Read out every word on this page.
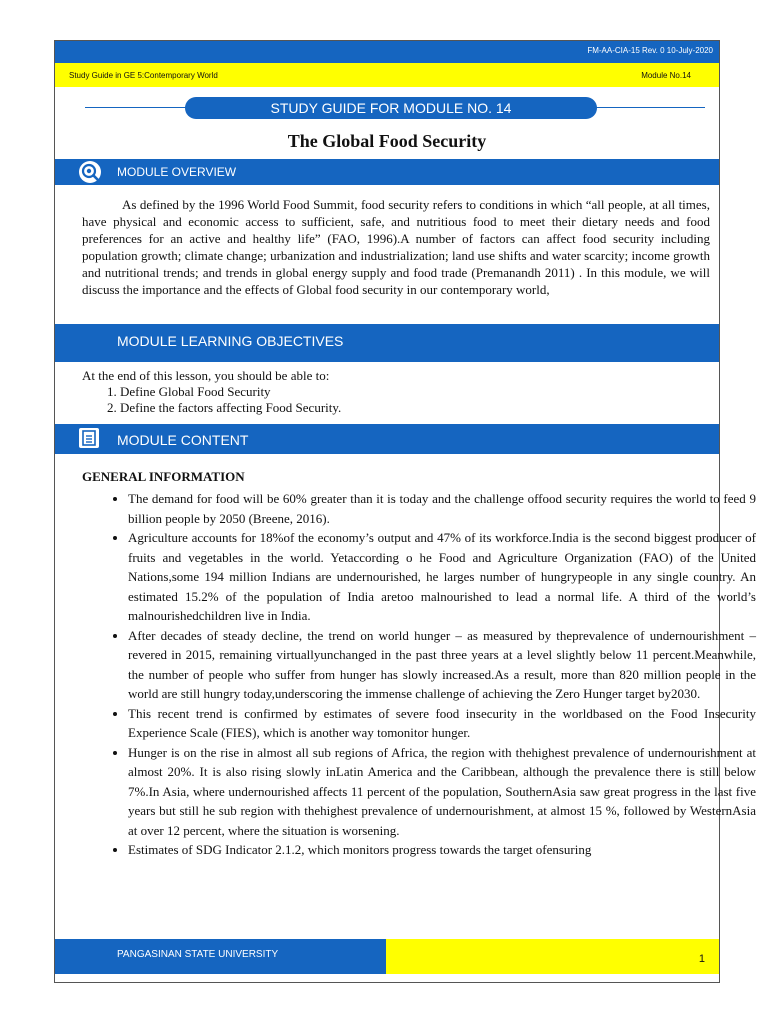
FM-AA-CIA-15 Rev. 0 10-July-2020
Study Guide in GE 5:Contemporary World	Module No.14
STUDY GUIDE FOR MODULE NO. 14
The Global Food Security
MODULE OVERVIEW

As defined by the 1996 World Food Summit, food security refers to conditions in which “all people, at all times, have physical and economic access to sufficient, safe, and nutritious food to meet their dietary needs and food preferences for an active and healthy life” (FAO, 1996).A number of factors can affect food security including population growth; climate change; urbanization and industrialization; land use shifts and water scarcity; income growth and nutritional trends; and trends in global energy supply and food trade (Premanandh 2011) . In this module, we will discuss the importance and the effects of Global food security in our contemporary world,

MODULE LEARNING OBJECTIVES
At the end of this lesson, you should be able to:
1. Define Global Food Security
2. Define the factors affecting Food Security.
MODULE CONTENT
GENERAL INFORMATION
• The demand for food will be 60% greater than it is today and the challenge offood security requires the world to feed 9 billion people by 2050 (Breene, 2016).
• Agriculture accounts for 18%of the economy’s output and 47% of its workforce.India is the second biggest producer of fruits and vegetables in the world. Yetaccording o he Food and Agriculture Organization (FAO) of the United Nations,some 194 million Indians are undernourished, he larges number of hungrypeople in any single country. An estimated 15.2% of the population of India aretoo malnourished to lead a normal life. A third of the world’s malnourishedchildren live in India.
• After decades of steady decline, the trend on world hunger – as measured by theprevalence of undernourishment – revered in 2015, remaining virtuallyunchanged in the past three years at a level slightly below 11 percent.Meanwhile, the number of people who suffer from hunger has slowly increased.As a result, more than 820 million people in the world are still hungry today,underscoring the immense challenge of achieving the Zero Hunger target by2030.
• This recent trend is confirmed by estimates of severe food insecurity in the worldbased on the Food Insecurity Experience Scale (FIES), which is another way tomonitor hunger.
• Hunger is on the rise in almost all sub regions of Africa, the region with thehighest prevalence of undernourishment at almost 20%. It is also rising slowly inLatin America and the Caribbean, although the prevalence there is still below 7%.In Asia, where undernourished affects 11 percent of the population, SouthernAsia saw great progress in the last five years but still he sub region with thehighest prevalence of undernourishment, at almost 15 %, followed by WesternAsia at over 12 percent, where the situation is worsening.
• Estimates of SDG Indicator 2.1.2, which monitors progress towards the target ofensuring
PANGASINAN STATE UNIVERSITY	1
